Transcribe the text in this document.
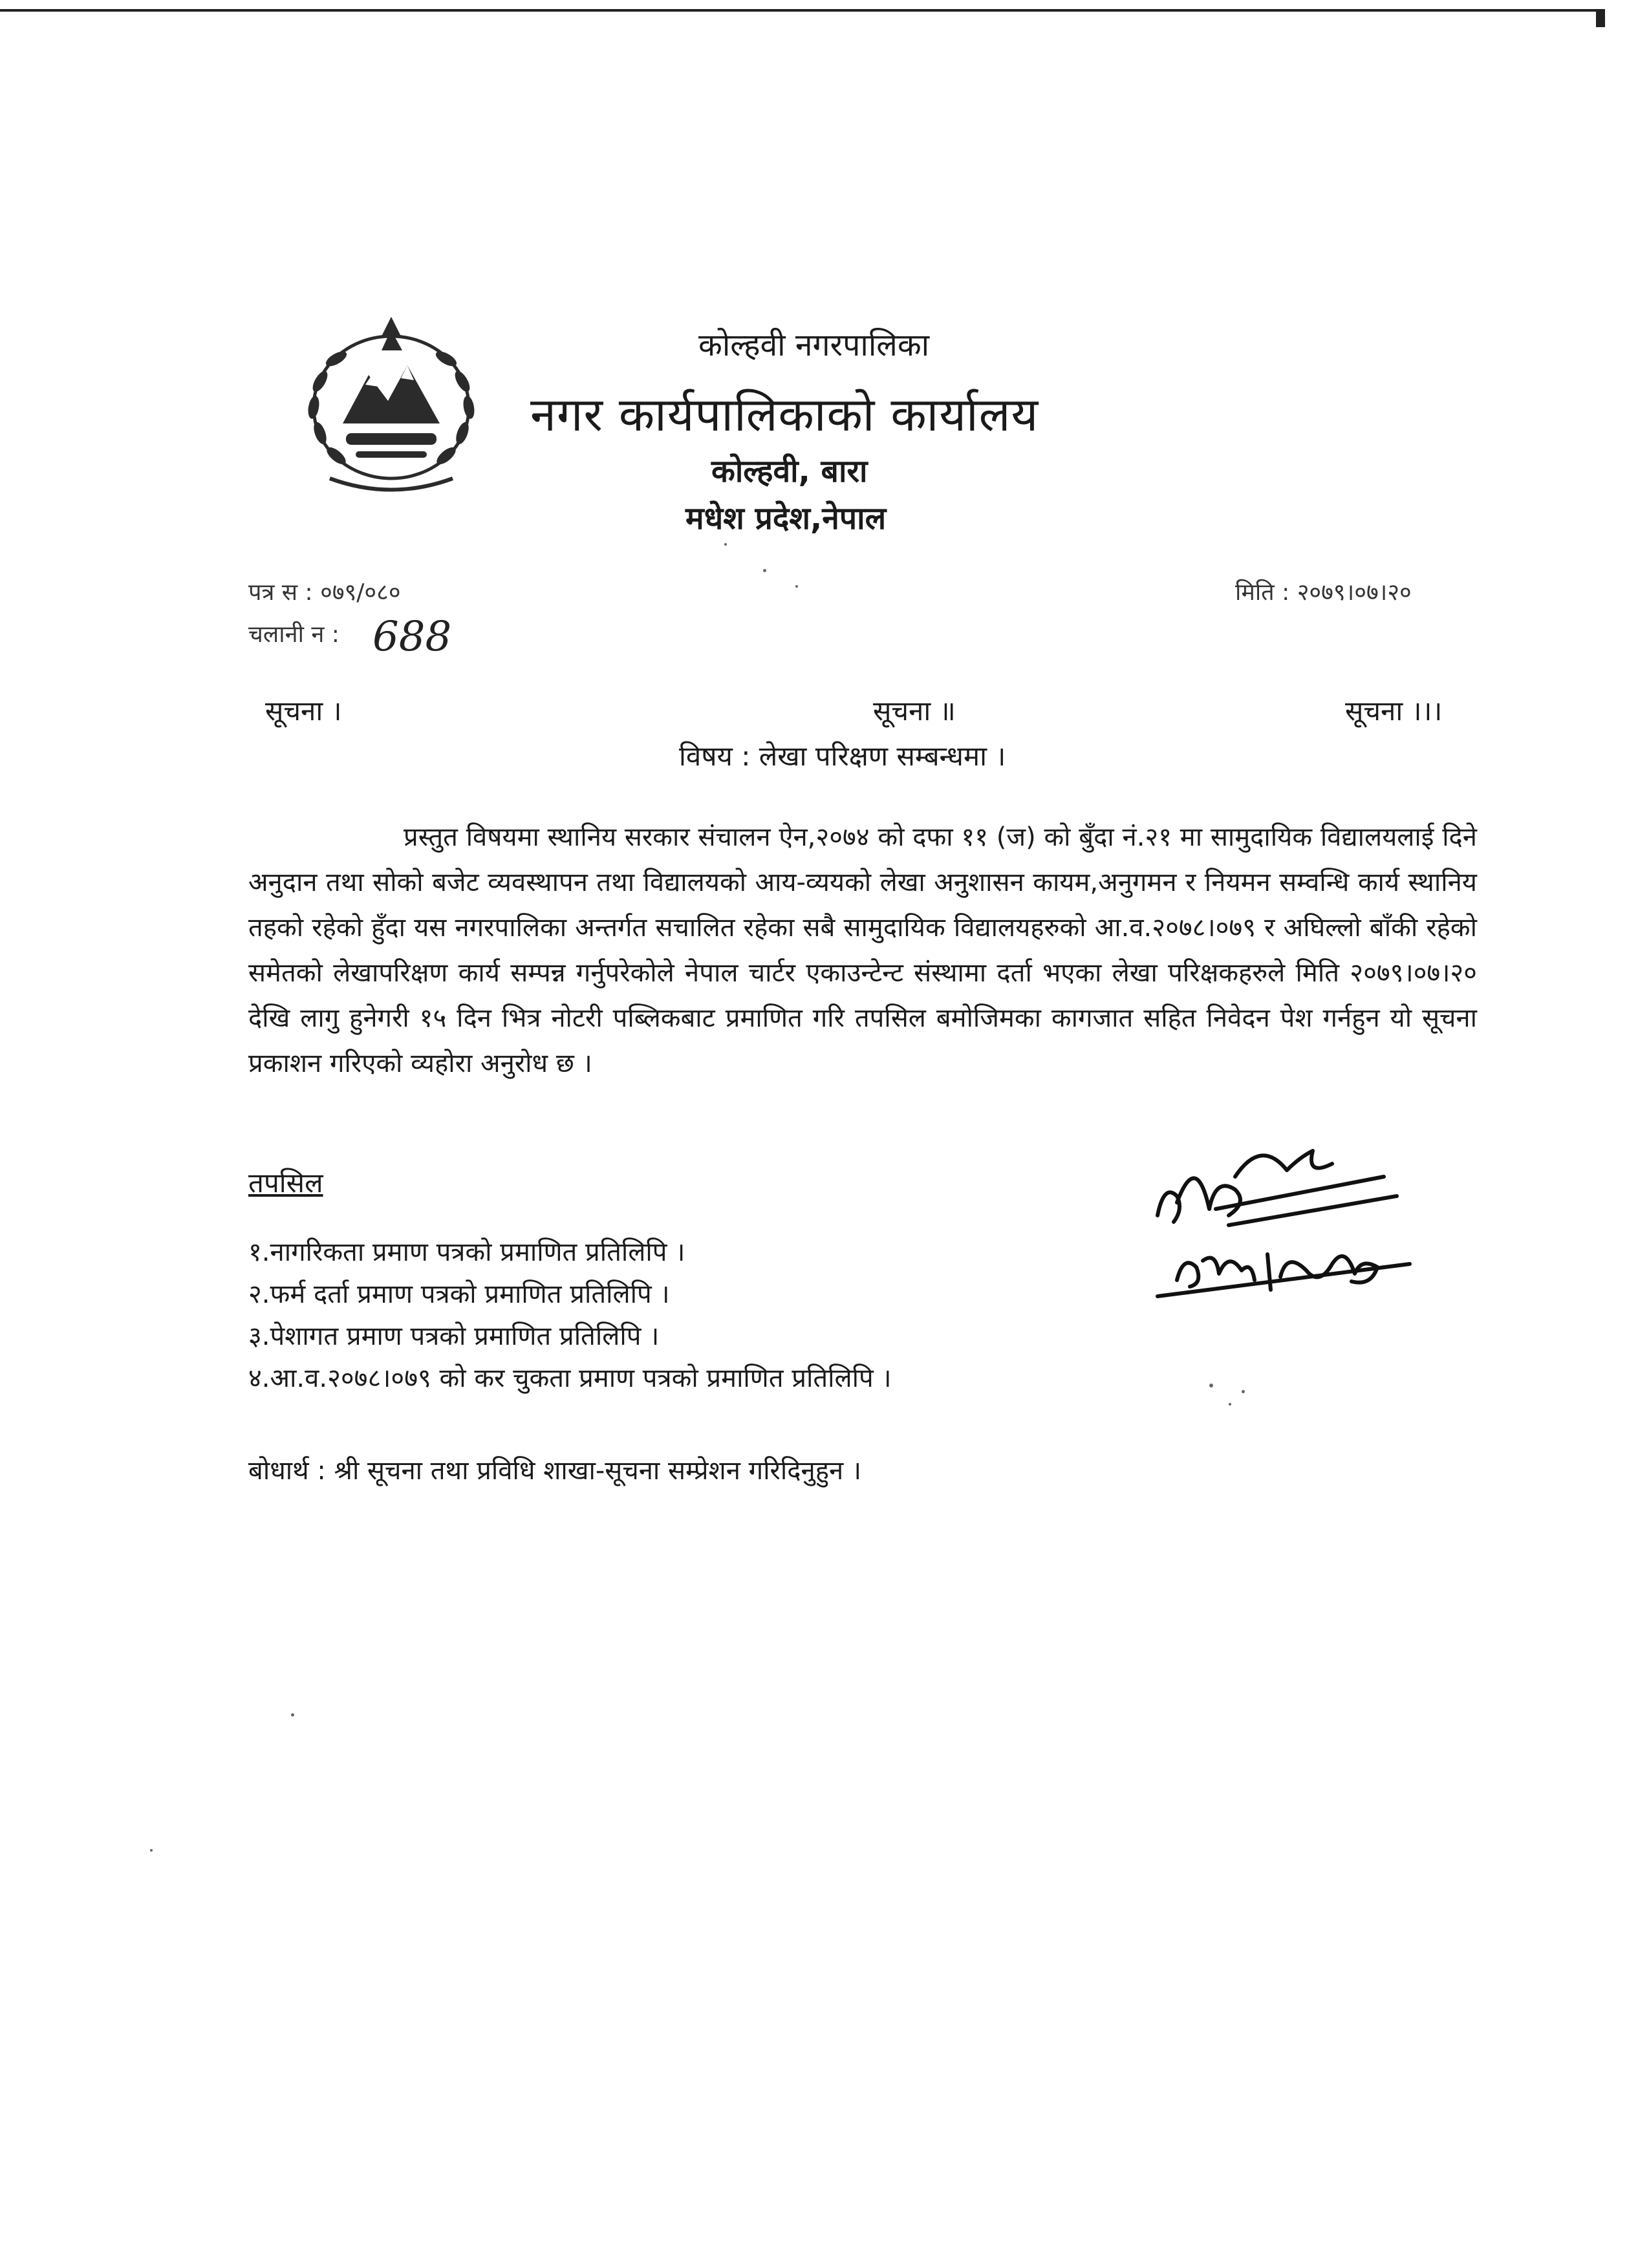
कोल्हवी नगरपालिका
नगर कार्यपालिकाको कार्यालय
कोल्हवी, बारा
मधेश प्रदेश,नेपाल
पत्र स : ०७९/०८०	मिति : २०७९।०७।२०
चलानी न : 688
सूचना ।	सूचना ॥	सूचना ।।।
विषय : लेखा परिक्षण सम्बन्धमा ।
प्रस्तुत विषयमा स्थानिय सरकार संचालन ऐन,२०७४ को दफा ११ (ज) को बुँदा नं.२१ मा सामुदायिक विद्यालयलाई दिने अनुदान तथा सोको बजेट व्यवस्थापन तथा विद्यालयको आय-व्ययको लेखा अनुशासन कायम,अनुगमन र नियमन सम्वन्धि कार्य स्थानिय तहको रहेको हुँदा यस नगरपालिका अन्तर्गत सचालित रहेका सबै सामुदायिक विद्यालयहरुको आ.व.२०७८।०७९ र अघिल्लो बाँकी रहेको समेतको लेखापरिक्षण कार्य सम्पन्न गर्नुपरेकोले नेपाल चार्टर एकाउन्टेन्ट संस्थामा दर्ता भएका लेखा परिक्षकहरुले मिति २०७९।०७।२० देखि लागु हुनेगरी १५ दिन भित्र नोटरी पब्लिकबाट प्रमाणित गरि तपसिल बमोजिमका कागजात सहित निवेदन पेश गर्नहुन यो सूचना प्रकाशन गरिएको व्यहोरा अनुरोध छ ।
तपसिल
१.नागरिकता प्रमाण पत्रको प्रमाणित प्रतिलिपि ।
२.फर्म दर्ता प्रमाण पत्रको प्रमाणित प्रतिलिपि ।
३.पेशागत प्रमाण पत्रको प्रमाणित प्रतिलिपि ।
४.आ.व.२०७८।०७९ को कर चुकता प्रमाण पत्रको प्रमाणित प्रतिलिपि ।
बोधार्थ : श्री सूचना तथा प्रविधि शाखा-सूचना सम्प्रेशन गरिदिनुहुन ।
